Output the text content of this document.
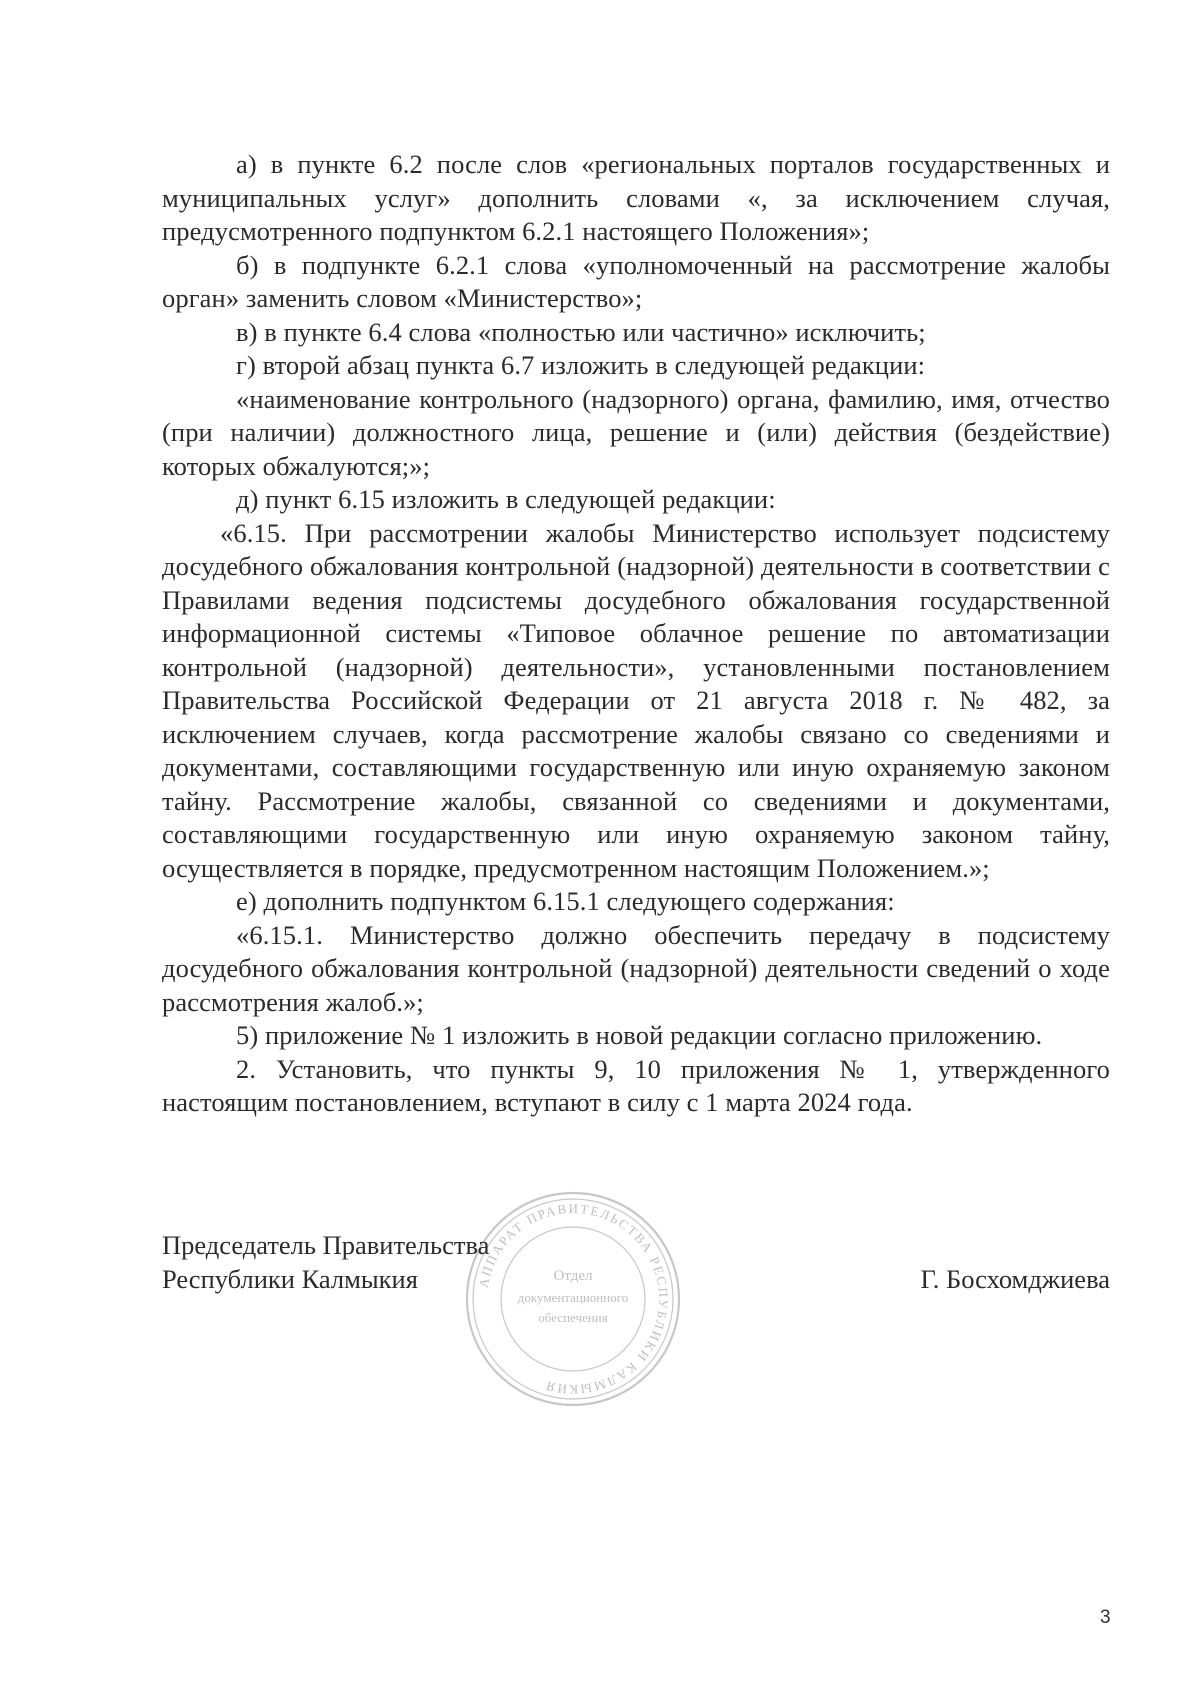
а) в пункте 6.2 после слов «региональных порталов государственных и муниципальных услуг» дополнить словами «, за исключением случая, предусмотренного подпунктом 6.2.1 настоящего Положения»;

б) в подпункте 6.2.1 слова «уполномоченный на рассмотрение жалобы орган» заменить словом «Министерство»;

в) в пункте 6.4 слова «полностью или частично» исключить;

г) второй абзац пункта 6.7 изложить в следующей редакции:

«наименование контрольного (надзорного) органа, фамилию, имя, отчество (при наличии) должностного лица, решение и (или) действия (бездействие) которых обжалуются;»;

д) пункт 6.15 изложить в следующей редакции:

«6.15. При рассмотрении жалобы Министерство использует подсистему досудебного обжалования контрольной (надзорной) деятельности в соответствии с Правилами ведения подсистемы досудебного обжалования государственной информационной системы «Типовое облачное решение по автоматизации контрольной (надзорной) деятельности», установленными постановлением Правительства Российской Федерации от 21 августа 2018 г. № 482, за исключением случаев, когда рассмотрение жалобы связано со сведениями и документами, составляющими государственную или иную охраняемую законом тайну. Рассмотрение жалобы, связанной со сведениями и документами, составляющими государственную или иную охраняемую законом тайну, осуществляется в порядке, предусмотренном настоящим Положением.»;

е) дополнить подпунктом 6.15.1 следующего содержания:

«6.15.1. Министерство должно обеспечить передачу в подсистему досудебного обжалования контрольной (надзорной) деятельности сведений о ходе рассмотрения жалоб.»;

5) приложение № 1 изложить в новой редакции согласно приложению.

2. Установить, что пункты 9, 10 приложения № 1, утвержденного настоящим постановлением, вступают в силу с 1 марта 2024 года.

АППАРАТ ПРАВИТЕЛЬСТВА РЕСПУБЛИКИ КАЛМЫКИЯ
Отдел
документационного
обеспечения
Председатель Правительства
Республики Калмыкия	Г. Босхомджиева
3
